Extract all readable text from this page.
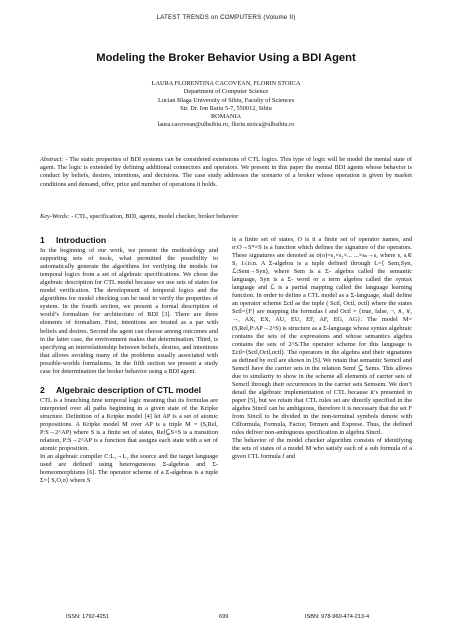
LATEST TRENDS on COMPUTERS (Volume II)
Modeling the Broker Behavior Using a BDI Agent
LAURA FLORENTINA CACOVEAN, FLORIN STOICA
Department of Computer Science
Lucian Blaga University of Sibiu, Faculty of Sciences
Str. Dr. Ion Ratiu 5-7, 550012, Sibiu
ROMANIA
laura.cacovean@ulbsibiu.ro, florin.stoica@ulbsibiu.ro
Abstract: - The static properties of BDI systems can be considered extensions of CTL logics. This type of logic will be model the mental state of agent. The logic is extended by defining additional connectors and operators. We present in this paper the mental BDI agents whose behavior is conduct by beliefs, desires, intentions, and decisions. The case study addresses the scenario of a broker whose operation is given by market conditions and demand, offer, price and number of operations it holds.
Key-Words: - CTL, specification, BDI, agents, model checker, broker behavior
1 Introduction

In the beginning of our work, we present the methodology and supporting sets of tools, what permitted the possibility to automatically generate the algorithms for verifying the models for temporal logics from a set of algebraic specifications. We chose the algebraic description for CTL model because we use sets of states for model verification. The development of temporal logics and the algorithms for model checking can be used to verify the properties of system. In the fourth section, we present a formal description of world’s formalism for architecture of BDI [3]. There are three elements of formalism. First, intentions are treated as a par with beliefs and desires. Second the agent can choose among outcomes and in the latter case, the environment makes that determination. Third, is specifying an interrelationship between beliefs, desires, and intentions that allows avoiding many of the problems usually associated with possible-worlds formalisms. In the fifth section we present a study case for determination the broker behavior using a BDI agent.

2 Algebraic description of CTL model

CTL is a branching time temporal logic meaning that its formulas are interpreted over all paths beginning in a given state of the Kripke structure. Definition of a Kripke model [4] let AP is a set of atomic propositions. A Kripke model M over AP is a triple M = (S,Rel, P:S→2^AP) where S is a finite set of states, Rel⊆S×S is a transition relation, P:S→2^AP is a function that assigns each state with a set of atomic proposition.

In an algebraic compiler C:L₁→L₂ the source and the target language used are defined using heterogeneous Σ-algebras and Σ-homeomorphisms [6]. The operator scheme of a Σ-algebras is a tuple Σ=⟨ S,O,σ⟩ where S

is a finite set of states, O is it a finite set of operator names, and σ:O→S*×S is a function which defines the signature of the operators. These signatures are denoted as σ(o)=s₁×s₂×... ...×sₙ→s, where s, sᵢ∈ S, 1≤i≤n. A Σ-algebra is a tuple defined through L=⟨ Sem,Syn, ℒ:Sem→Syn⟩, where Sem is a Σ- algebra called the semantic language, Syn is a Σ- word or a term algebra called the syntax language and ℒ is a partial mapping called the language learning function. In order to define a CTL model as a Σ-language, shall define an operator scheme Σctl as the tuple ( Sctl, Octl, σctl) where the states Sctl={F} are mapping the formulas f and Octl = {true, false, ¬, ∧, ∨, →, AX, EX, AU, EU, EF, AF, EG, AG}. The model M=(S,Rel,P:AP→2^S) is structure as a Σ-language whose syntax algebraic contains the sets of the expressions and whose semantics algebra contains the sets of 2^S.The operator scheme for this language is Σctl=⟨Sctl,Octl,σctl⟩. The operators in the algebra and their signatures as defined by σctl are shown in [5]. We retain that semantic Semctl and Semctl have the carrier sets in the relation Semf ⊆ Sems. This allows due to similarity to show in the scheme all elements of carrier sets of Semctl through their occurrences in the carrier sets Semsem. We don’t detail the algebraic implementation of CTL because it’s presented in paper [5], but we retain that CTL rules set are directly specified in the algebra Sinctl can be ambiguous, therefore it is necessary that the set F from Sinctl to be divided in the non-terminal symbols denote with Ctlformula, Formula, Factor, Termen and Exprese. Thus, the defined rules deliver non-ambiguous specification in algebra Sinctl.

The behavior of the model checker algorithm consists of identifying the sets of states of a model M who satisfy each of a sub formula of a given CTL formula f and

ISSN: 1792-4251	699	ISBN: 978-960-474-213-4
